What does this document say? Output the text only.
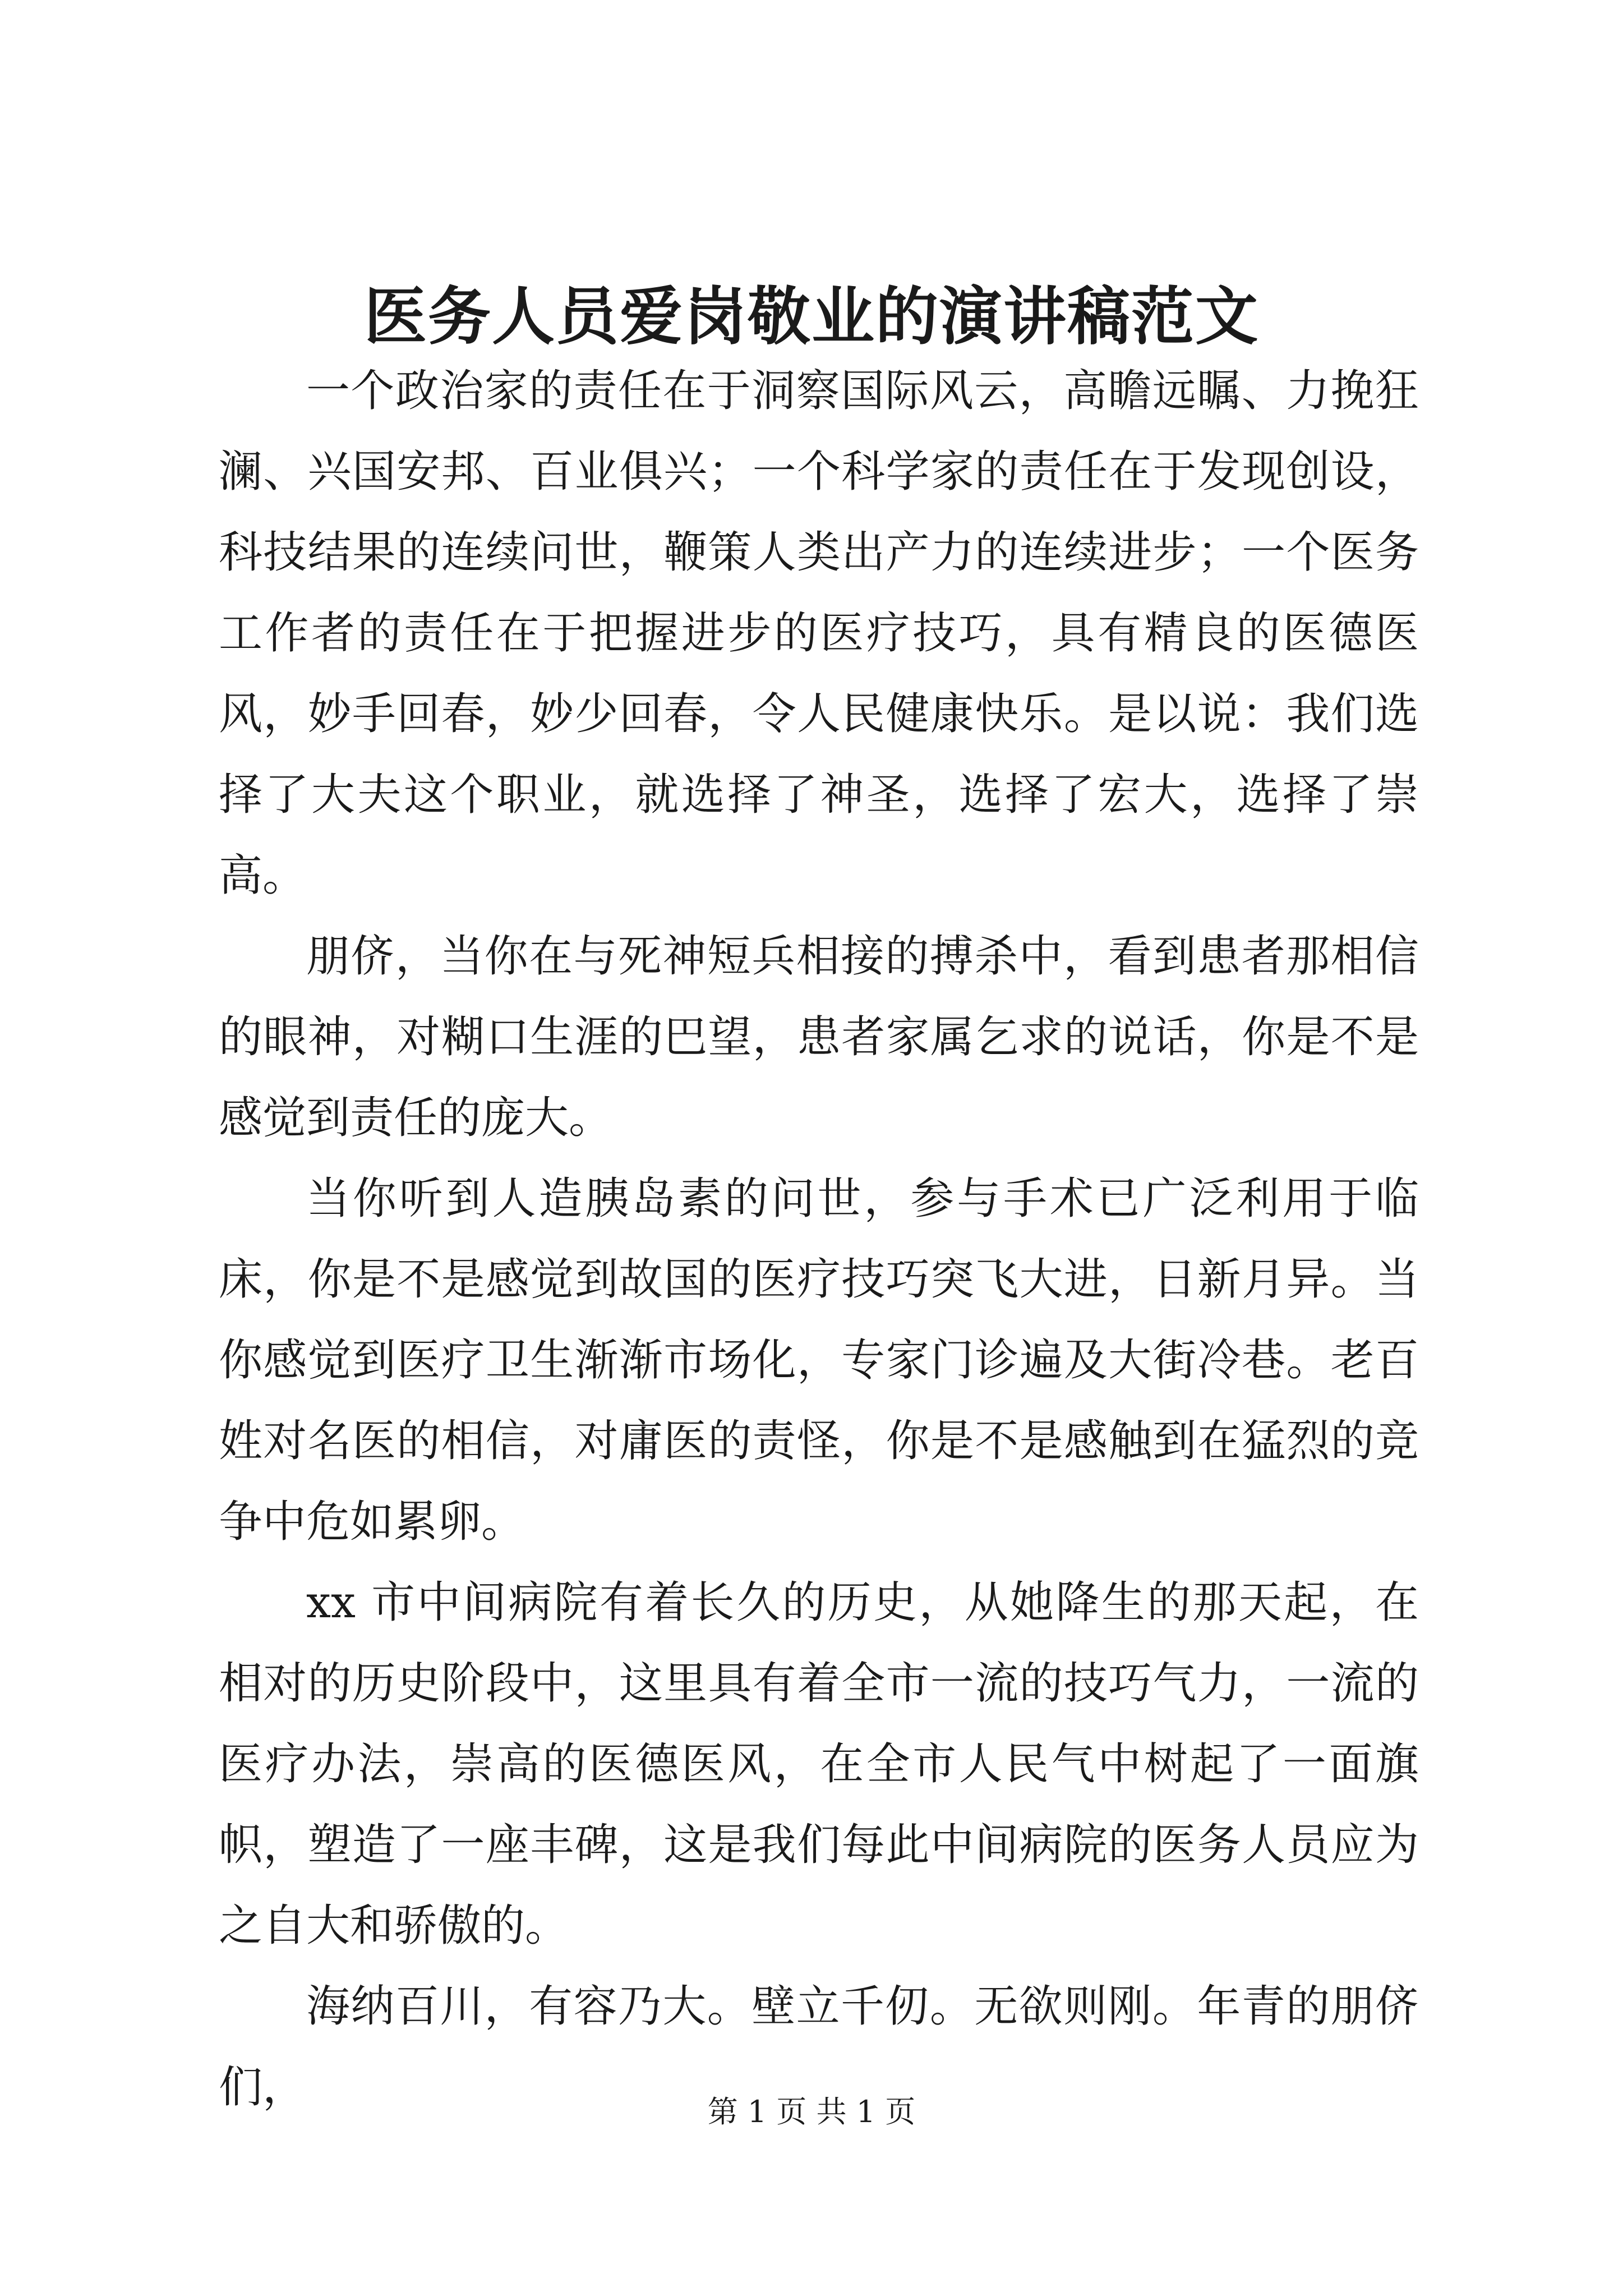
医务人员爱岗敬业的演讲稿范文

一个政治家的责任在于洞察国际风云，高瞻远瞩、力挽狂澜、兴国安邦、百业俱兴；一个科学家的责任在于发现创设，科技结果的连续问世，鞭策人类出产力的连续进步；一个医务工作者的责任在于把握进步的医疗技巧，具有精良的医德医风，妙手回春，妙少回春，令人民健康快乐。是以说：我们选择了大夫这个职业，就选择了神圣，选择了宏大，选择了崇高。

朋侪，当你在与死神短兵相接的搏杀中，看到患者那相信的眼神，对糊口生涯的巴望，患者家属乞求的说话，你是不是感觉到责任的庞大。

当你听到人造胰岛素的问世，参与手术已广泛利用于临床，你是不是感觉到故国的医疗技巧突飞大进，日新月异。当你感觉到医疗卫生渐渐市场化，专家门诊遍及大街冷巷。老百姓对名医的相信，对庸医的责怪，你是不是感触到在猛烈的竞争中危如累卵。

xx 市中间病院有着长久的历史，从她降生的那天起，在相对的历史阶段中，这里具有着全市一流的技巧气力，一流的医疗办法，崇高的医德医风，在全市人民气中树起了一面旗帜，塑造了一座丰碑，这是我们每此中间病院的医务人员应为之自大和骄傲的。

海纳百川，有容乃大。壁立千仞。无欲则刚。年青的朋侪们，	第 1 页 共 1 页
